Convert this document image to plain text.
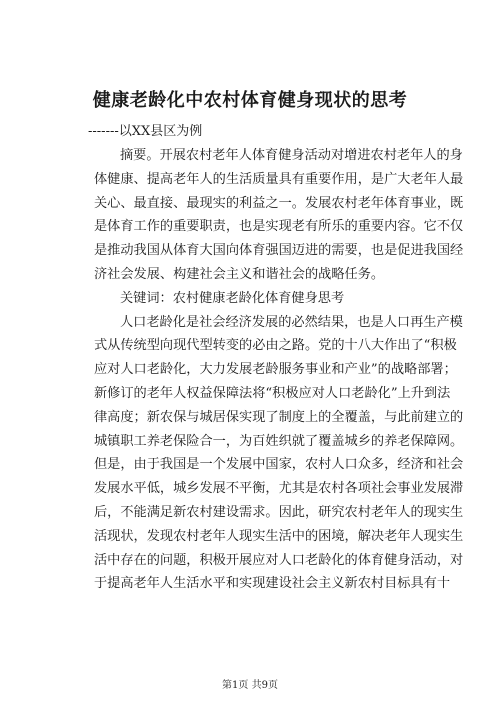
健康老龄化中农村体育健身现状的思考
-------以XX县区为例
摘要。开展农村老年人体育健身活动对增进农村老年人的身
体健康、提高老年人的生活质量具有重要作用，是广大老年人最
关心、最直接、最现实的利益之一。发展农村老年体育事业，既
是体育工作的重要职责，也是实现老有所乐的重要内容。它不仅
是推动我国从体育大国向体育强国迈进的需要，也是促进我国经
济社会发展、构建社会主义和谐社会的战略任务。
关键词：农村健康老龄化体育健身思考
人口老龄化是社会经济发展的必然结果，也是人口再生产模
式从传统型向现代型转变的必由之路。党的十八大作出了“积极
应对人口老龄化，大力发展老龄服务事业和产业”的战略部署；
新修订的老年人权益保障法将“积极应对人口老龄化”上升到法
律高度；新农保与城居保实现了制度上的全覆盖，与此前建立的
城镇职工养老保险合一，为百姓织就了覆盖城乡的养老保障网。
但是，由于我国是一个发展中国家，农村人口众多，经济和社会
发展水平低，城乡发展不平衡，尤其是农村各项社会事业发展滞
后，不能满足新农村建设需求。因此，研究农村老年人的现实生
活现状，发现农村老年人现实生活中的困境，解决老年人现实生
活中存在的问题，积极开展应对人口老龄化的体育健身活动，对
于提高老年人生活水平和实现建设社会主义新农村目标具有十
第1页 共9页
